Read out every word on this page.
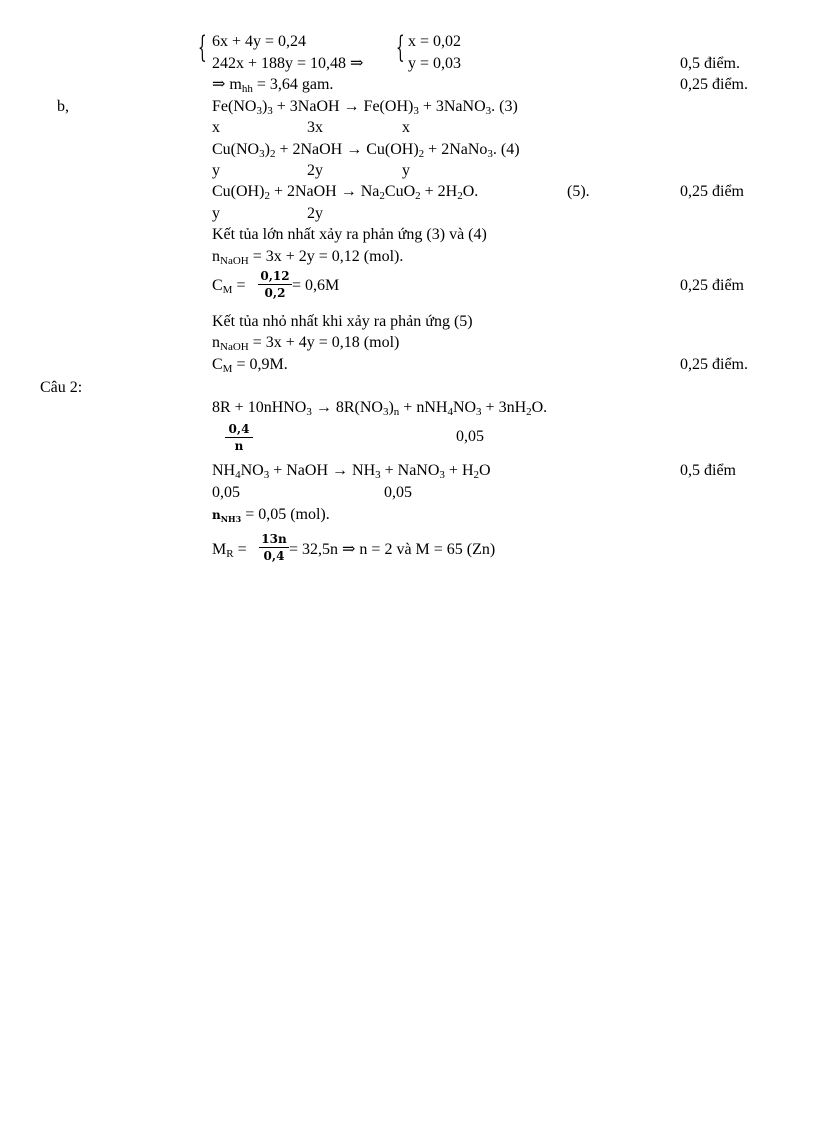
{ 6x + 4y = 0,24
242x + 188y = 10,48 ⇒ { x = 0,02
y = 0,03	0,5 điểm.
⇒ $m_{hh} = 3,64$ gam.	0,25 điểm.
b,	$Fe(NO_3)_3$ + 3NaOH → $Fe(OH)_3$ + 3NaNO$_3$. (3)
x	3x	x
$Cu(NO_3)_2$ + 2NaOH → $Cu(OH)_2$ + 2NaNo$_3$. (4)
y	2y	y
$Cu(OH)_2$ + 2NaOH → $Na_2CuO_2 + 2H_2O$.	(5).	0,25 điểm
y	2y
Kết tủa lớn nhất xảy ra phản ứng (3) và (4)
$n_{NaOH} = 3x + 2y = 0,12$ (mol).
$C_M = \frac{0,12}{0,2} = 0,6M$	0,25 điểm
Kết tủa nhỏ nhất khi xảy ra phản ứng (5)
$n_{NaOH} = 3x + 4y = 0,18$ (mol)
$C_M = 0,9M$.	0,25 điểm.
Câu 2:
8R + 10nHNO$_3$ → $8R(NO_3)_n + nNH_4NO_3 + 3nH_2O$.
$\frac{0,4}{n}$	0,05
$NH_4NO_3$ + NaOH → $NH_3$ + NaNO$_3$ + $H_2O$	0,5 điểm
0,05	0,05
$n_{NH3} = 0,05$ (mol).
$M_R = \frac{13n}{0,4} = 32,5n$ ⇒ n = 2 và M = 65 (Zn)
